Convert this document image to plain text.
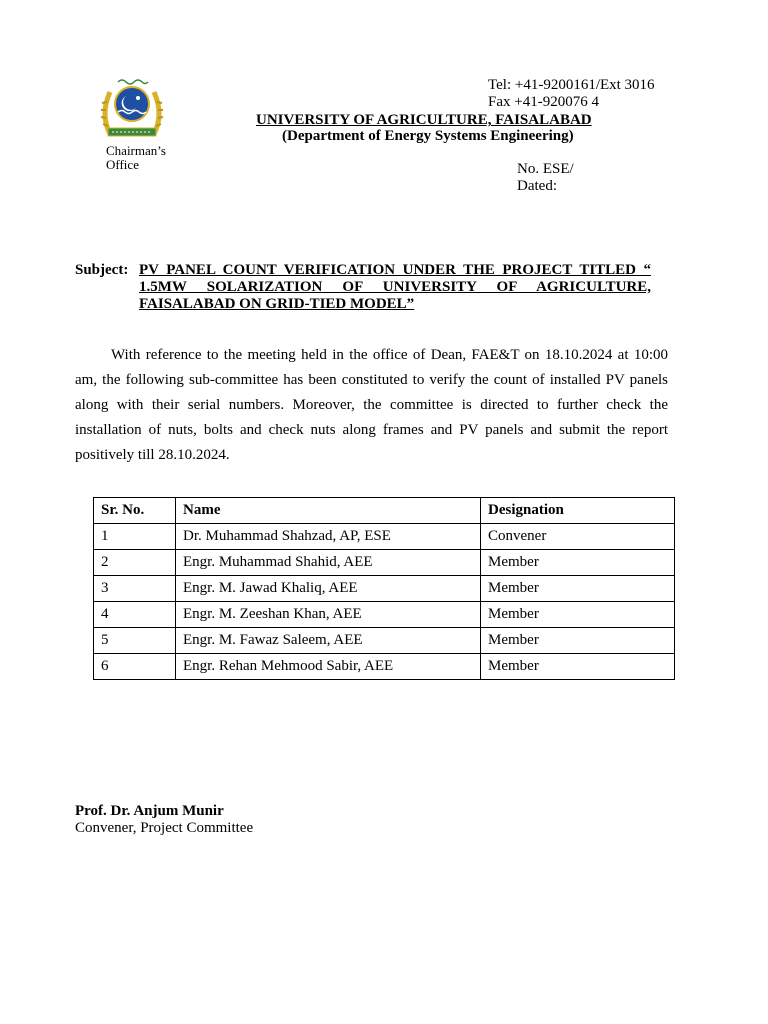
Chairman’s Office
Tel: +41-9200161/Ext 3016
Fax +41-920076 4
UNIVERSITY OF AGRICULTURE, FAISALABAD
(Department of Energy Systems Engineering)
No. ESE/
Dated:
Subject: PV PANEL COUNT VERIFICATION UNDER THE PROJECT TITLED “ 1.5MW SOLARIZATION OF UNIVERSITY OF AGRICULTURE, FAISALABAD ON GRID-TIED MODEL”
With reference to the meeting held in the office of Dean, FAE&T on 18.10.2024 at 10:00 am, the following sub-committee has been constituted to verify the count of installed PV panels along with their serial numbers. Moreover, the committee is directed to further check the installation of nuts, bolts and check nuts along frames and PV panels and submit the report positively till 28.10.2024.
Sr. No.	Name	Designation
1	Dr. Muhammad Shahzad, AP, ESE	Convener
2	Engr. Muhammad Shahid, AEE	Member
3	Engr. M. Jawad Khaliq, AEE	Member
4	Engr. M. Zeeshan Khan, AEE	Member
5	Engr. M. Fawaz Saleem, AEE	Member
6	Engr. Rehan Mehmood Sabir, AEE	Member
Prof. Dr. Anjum Munir
Convener, Project Committee
